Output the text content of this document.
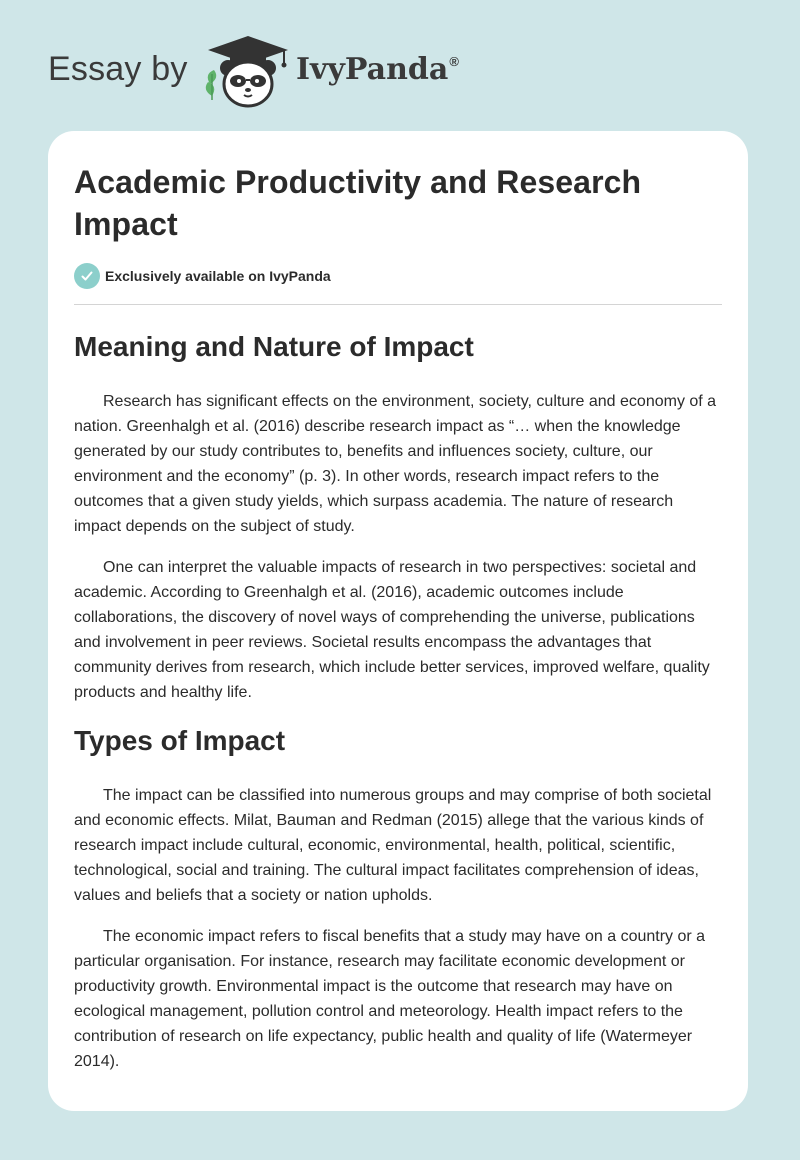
Essay by	IvyPanda®
Academic Productivity and Research Impact
Exclusively available on IvyPanda
Meaning and Nature of Impact

Research has significant effects on the environment, society, culture and economy of a nation. Greenhalgh et al. (2016) describe research impact as “… when the knowledge generated by our study contributes to, benefits and influences society, culture, our environment and the economy” (p. 3). In other words, research impact refers to the outcomes that a given study yields, which surpass academia. The nature of research impact depends on the subject of study.

One can interpret the valuable impacts of research in two perspectives: societal and academic. According to Greenhalgh et al. (2016), academic outcomes include collaborations, the discovery of novel ways of comprehending the universe, publications and involvement in peer reviews. Societal results encompass the advantages that community derives from research, which include better services, improved welfare, quality products and healthy life.

Types of Impact

The impact can be classified into numerous groups and may comprise of both societal and economic effects. Milat, Bauman and Redman (2015) allege that the various kinds of research impact include cultural, economic, environmental, health, political, scientific, technological, social and training. The cultural impact facilitates comprehension of ideas, values and beliefs that a society or nation upholds.

The economic impact refers to fiscal benefits that a study may have on a country or a particular organisation. For instance, research may facilitate economic development or productivity growth. Environmental impact is the outcome that research may have on ecological management, pollution control and meteorology. Health impact refers to the contribution of research on life expectancy, public health and quality of life (Watermeyer 2014).
